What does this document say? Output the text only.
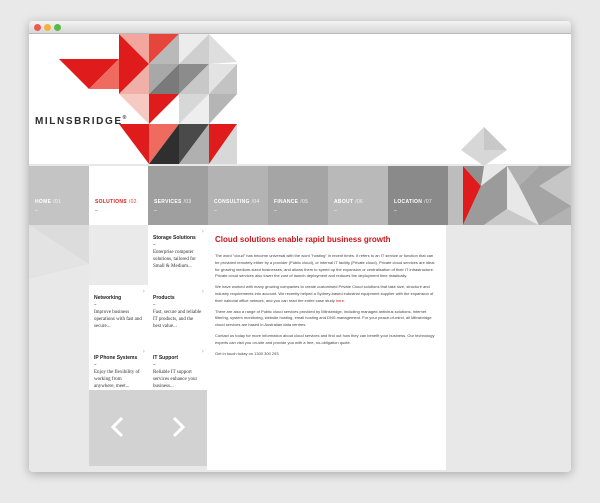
MILNSBRIDGE®
HOME /01
–
SOLUTIONS /02
–
SERVICES /03
–
CONSULTING /04
–
FINANCE /05
–
ABOUT /06
–
LOCATION /07
–
›
Storage Solutions
–
Enterprise computer solutions, tailored for Small & Medium...
›
Networking
–
Improve business operations with fast and secure...
›
Products
–
Fast, secure and reliable IT products, and the best value...
›
IP Phone Systems
–
Enjoy the flexibility of working from anywhere, meet...
›
IT Support
–
Reliable IT support services enhance your business...
Cloud solutions enable rapid business growth

The word "cloud" has become universal with the word "hosting" in recent times. It refers to an IT service or function that can be provided remotely either by a provider (Public cloud), or internal IT facility (Private cloud). Private cloud services are ideal for growing medium-sized businesses, and allows them to speed up the expansion or centralisation of their IT infrastructure. Private cloud services also lower the cost of launch deployment and reduces the deployment time drastically.

We have worked with many growing companies to create customised Private Cloud solutions that take size, structure and industry requirements into account. We recently helped a Sydney-based industrial equipment supplier with the expansion of their national office network, and you can read the entire case study here.

There are also a range of Public cloud services provided by Milnsbridge, including managed antivirus solutions, Internet filtering, system monitoring, website hosting, email hosting and DNS management. For your peace-of-mind, all Milnsbridge cloud services are based in Australian data centres.

Contact us today for more information about cloud services and find out how they can benefit your business. Our technology experts can visit you on-site and provide you with a free, no-obligation quote.

Get in touch today on 1300 300 293
